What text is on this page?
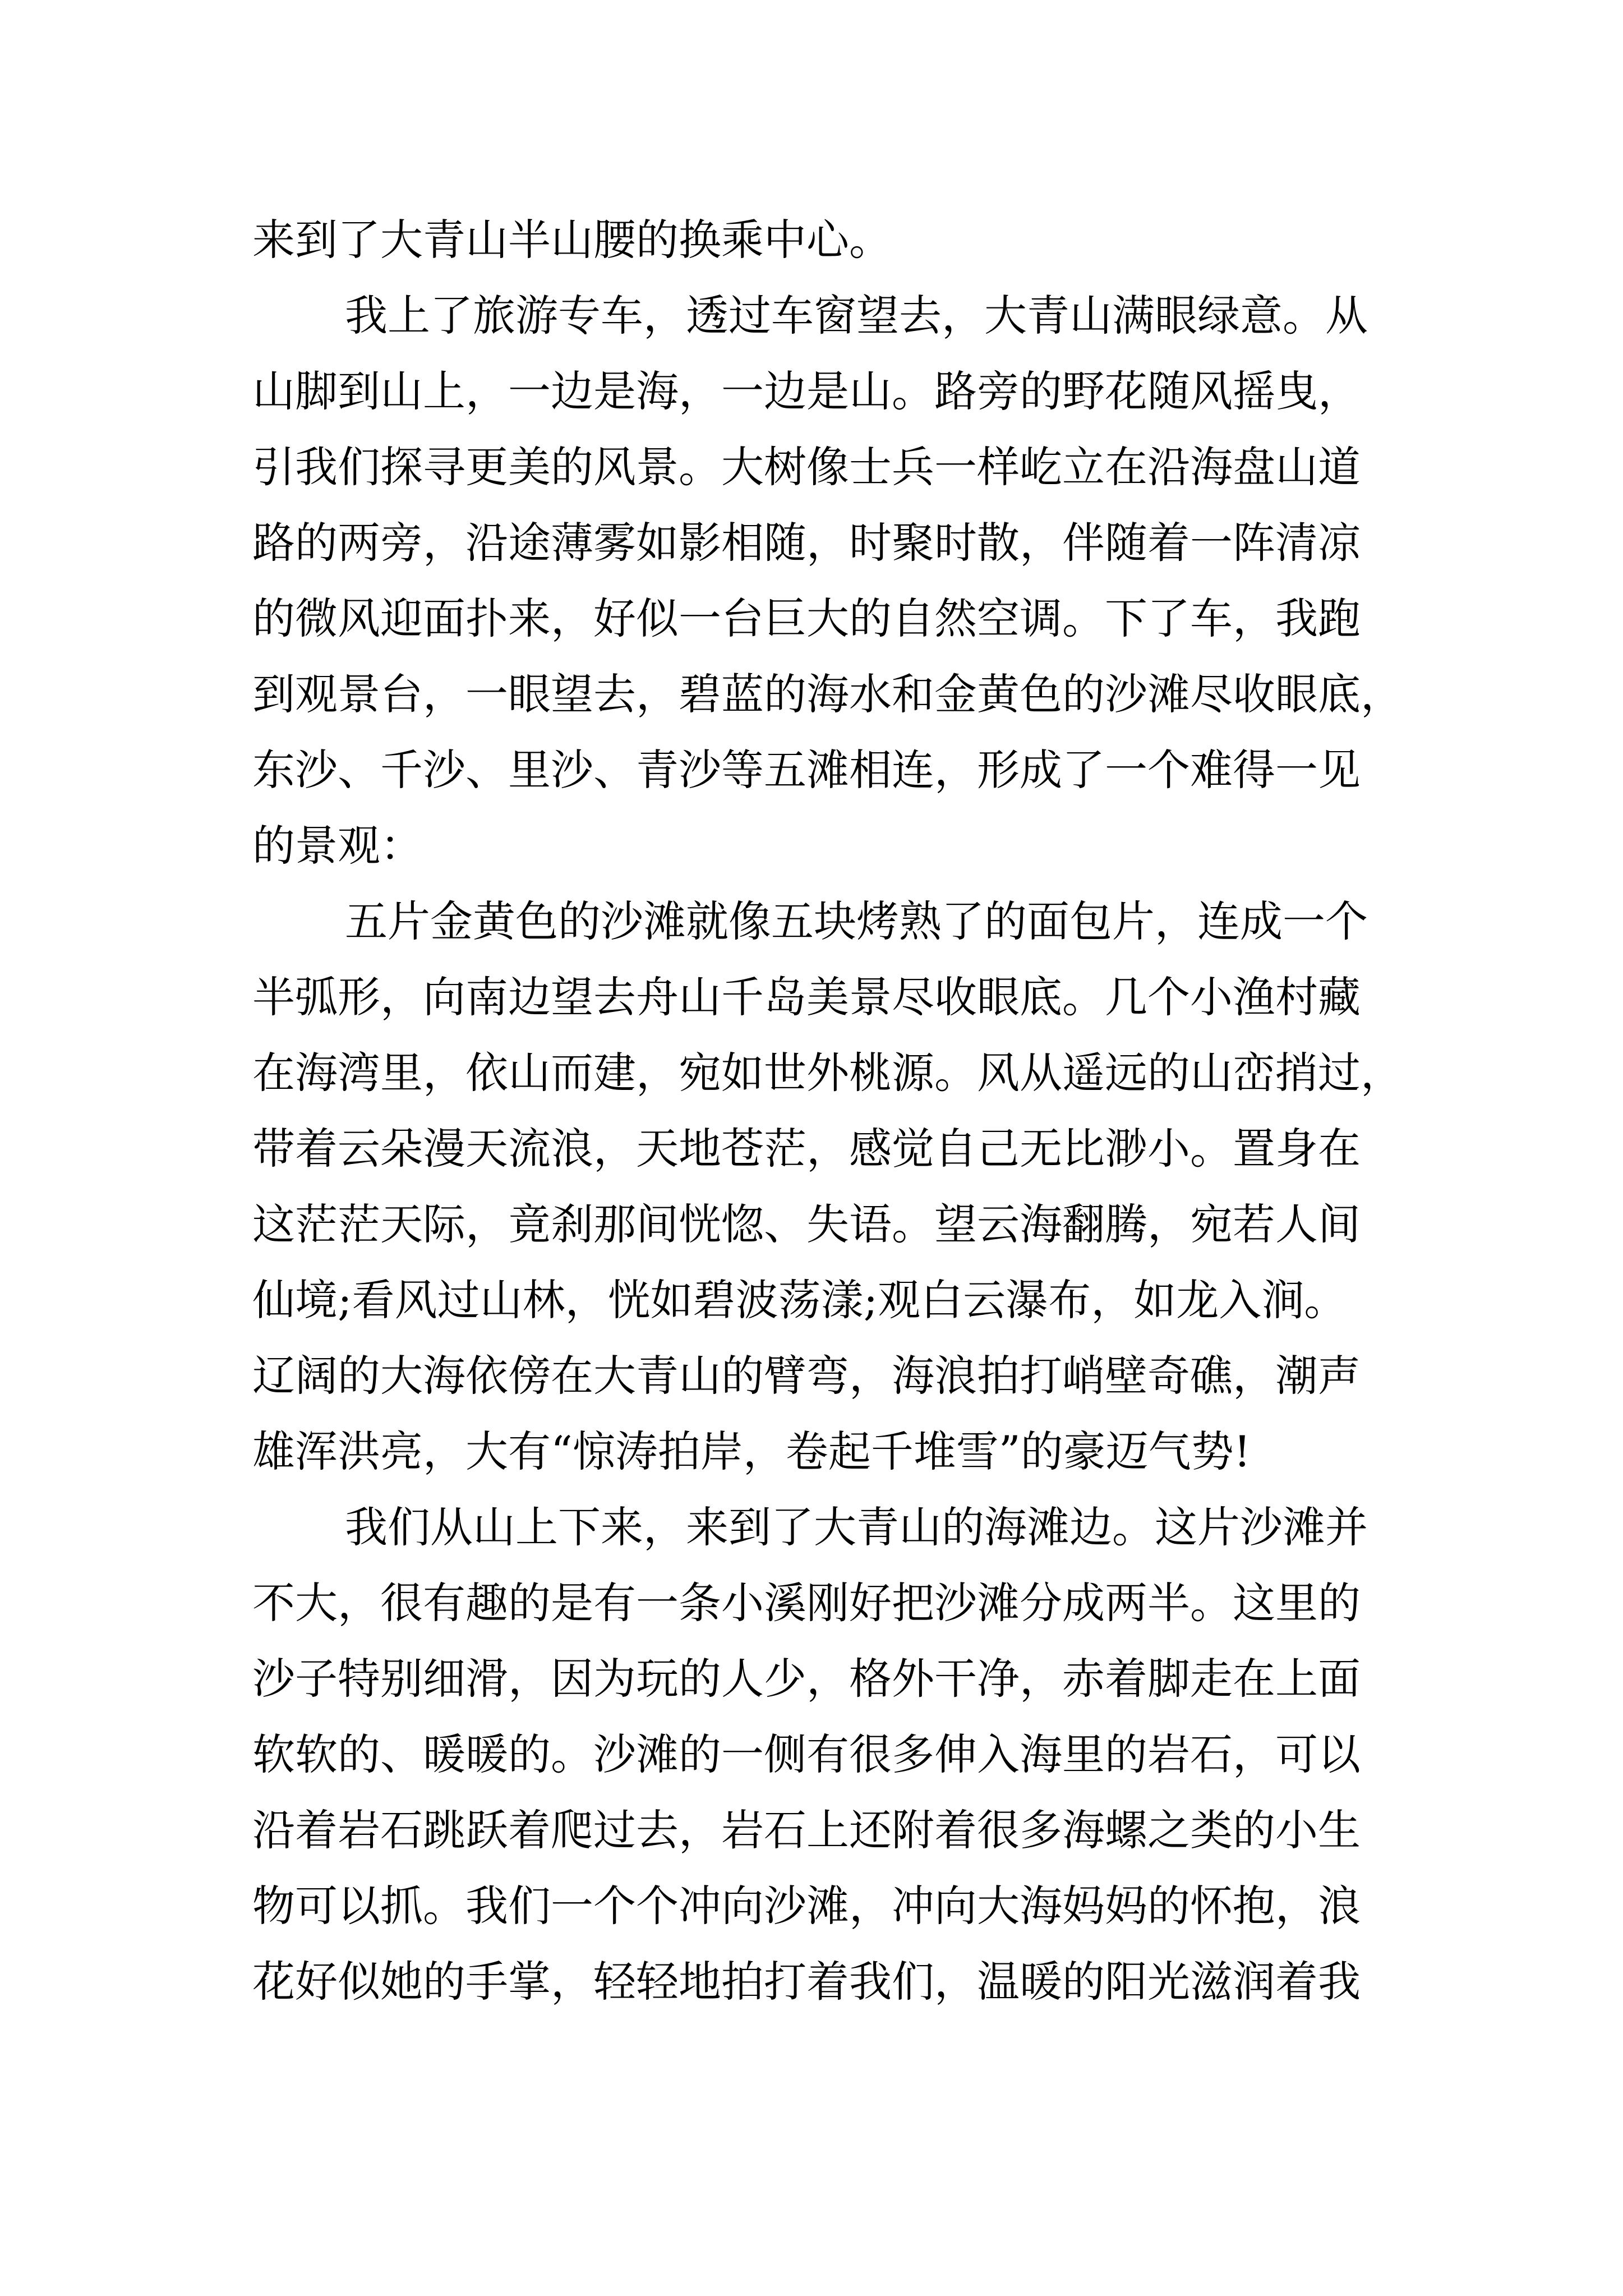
来到了大青山半山腰的换乘中心。
我上了旅游专车，透过车窗望去，大青山满眼绿意。从
山脚到山上，一边是海，一边是山。路旁的野花随风摇曳，
引我们探寻更美的风景。大树像士兵一样屹立在沿海盘山道
路的两旁，沿途薄雾如影相随，时聚时散，伴随着一阵清凉
的微风迎面扑来，好似一台巨大的自然空调。下了车，我跑
到观景台，一眼望去，碧蓝的海水和金黄色的沙滩尽收眼底，
东沙、千沙、里沙、青沙等五滩相连，形成了一个难得一见
的景观：
五片金黄色的沙滩就像五块烤熟了的面包片，连成一个
半弧形，向南边望去舟山千岛美景尽收眼底。几个小渔村藏
在海湾里，依山而建，宛如世外桃源。风从遥远的山峦捎过，
带着云朵漫天流浪，天地苍茫，感觉自己无比渺小。置身在
这茫茫天际，竟刹那间恍惚、失语。望云海翻腾，宛若人间
仙境;看风过山林，恍如碧波荡漾;观白云瀑布，如龙入涧。
辽阔的大海依傍在大青山的臂弯，海浪拍打峭壁奇礁，潮声
雄浑洪亮，大有“惊涛拍岸，卷起千堆雪”的豪迈气势!
我们从山上下来，来到了大青山的海滩边。这片沙滩并
不大，很有趣的是有一条小溪刚好把沙滩分成两半。这里的
沙子特别细滑，因为玩的人少，格外干净，赤着脚走在上面
软软的、暖暖的。沙滩的一侧有很多伸入海里的岩石，可以
沿着岩石跳跃着爬过去，岩石上还附着很多海螺之类的小生
物可以抓。我们一个个冲向沙滩，冲向大海妈妈的怀抱，浪
花好似她的手掌，轻轻地拍打着我们，温暖的阳光滋润着我
